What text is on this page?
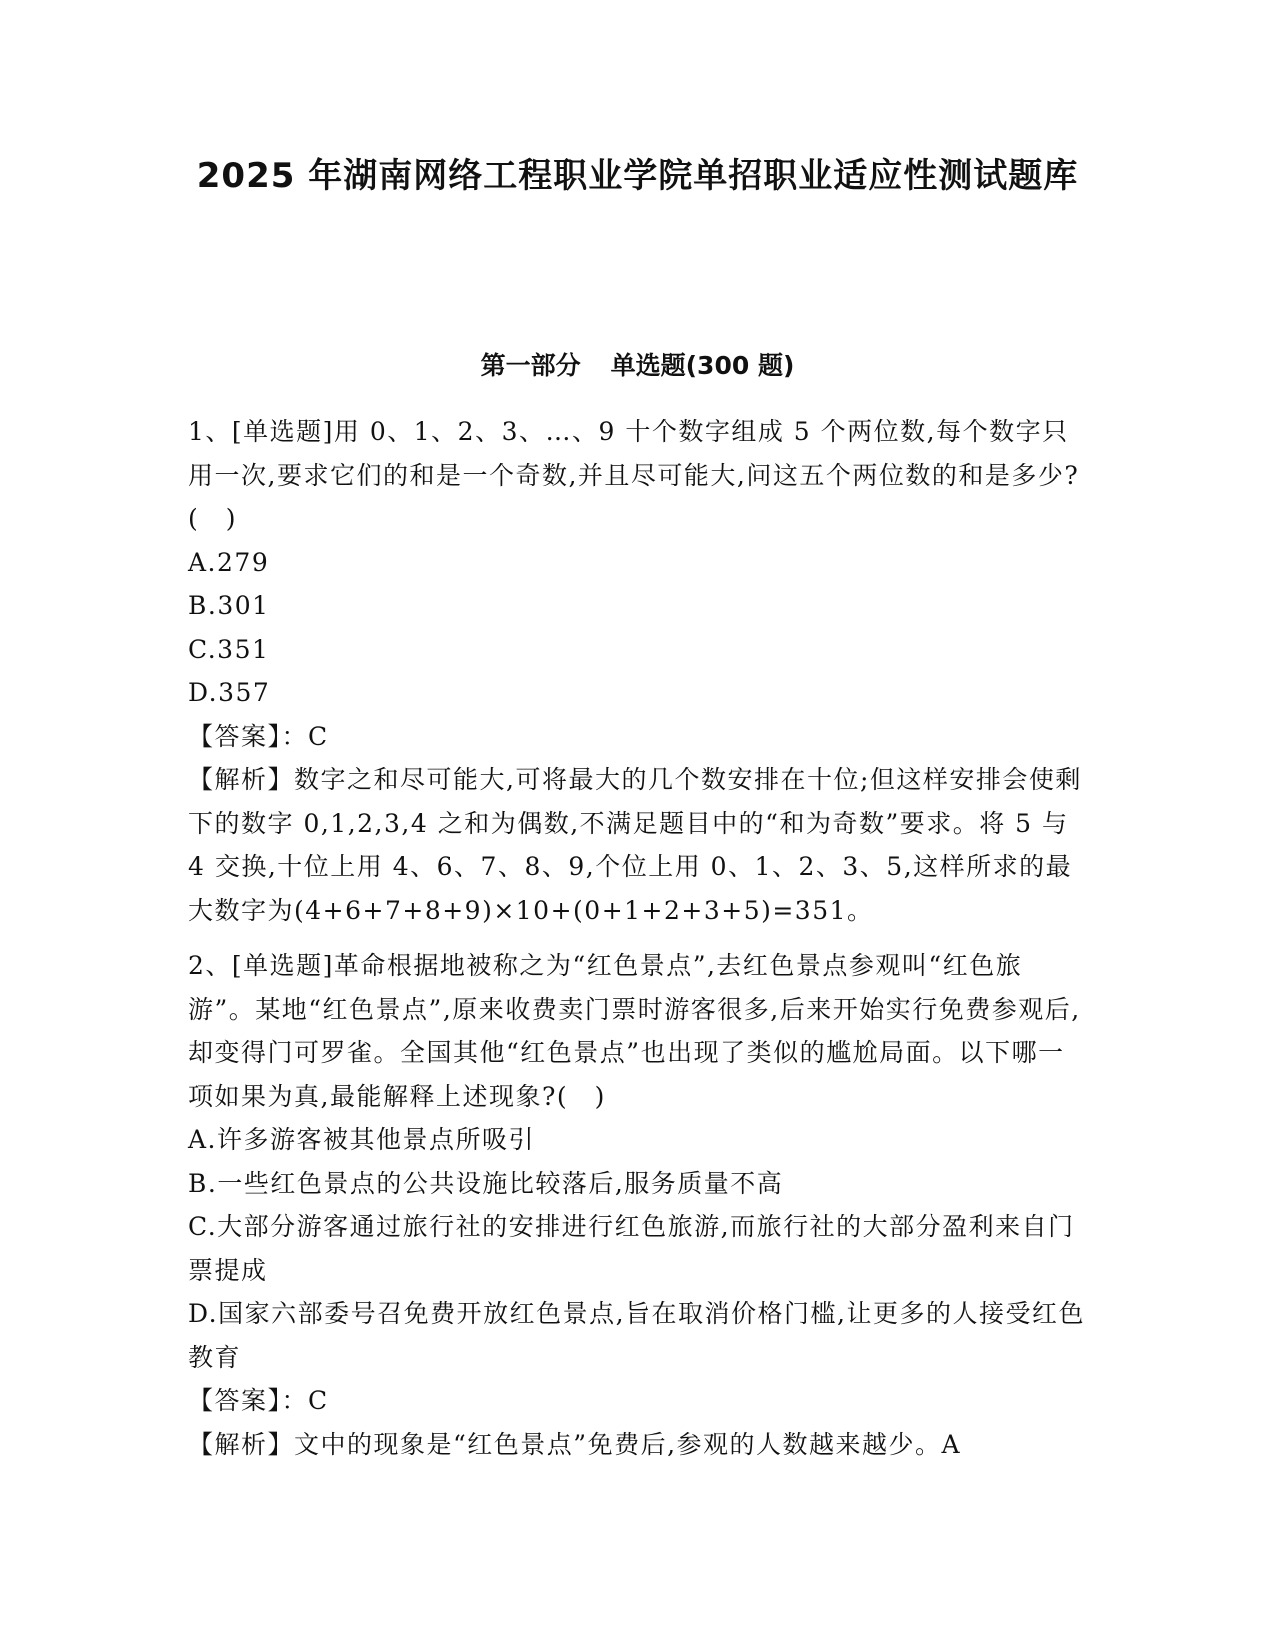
2025 年湖南网络工程职业学院单招职业适应性测试题库
第一部分 单选题(300 题)

1、[单选题]用 0、1、2、3、…、9 十个数字组成 5 个两位数,每个数字只用一次,要求它们的和是一个奇数,并且尽可能大,问这五个两位数的和是多少?(　)

A.279

B.301

C.351

D.357

【答案】：C

【解析】数字之和尽可能大,可将最大的几个数安排在十位;但这样安排会使剩下的数字 0,1,2,3,4 之和为偶数,不满足题目中的“和为奇数”要求。将 5 与 4 交换,十位上用 4、6、7、8、9,个位上用 0、1、2、3、5,这样所求的最大数字为(4+6+7+8+9)×10+(0+1+2+3+5)=351。

2、[单选题]革命根据地被称之为“红色景点”,去红色景点参观叫“红色旅游”。某地“红色景点”,原来收费卖门票时游客很多,后来开始实行免费参观后,却变得门可罗雀。全国其他“红色景点”也出现了类似的尴尬局面。以下哪一项如果为真,最能解释上述现象?(　)

A.许多游客被其他景点所吸引

B.一些红色景点的公共设施比较落后,服务质量不高

C.大部分游客通过旅行社的安排进行红色旅游,而旅行社的大部分盈利来自门票提成

D.国家六部委号召免费开放红色景点,旨在取消价格门槛,让更多的人接受红色教育

【答案】：C

【解析】文中的现象是“红色景点”免费后,参观的人数越来越少。A
